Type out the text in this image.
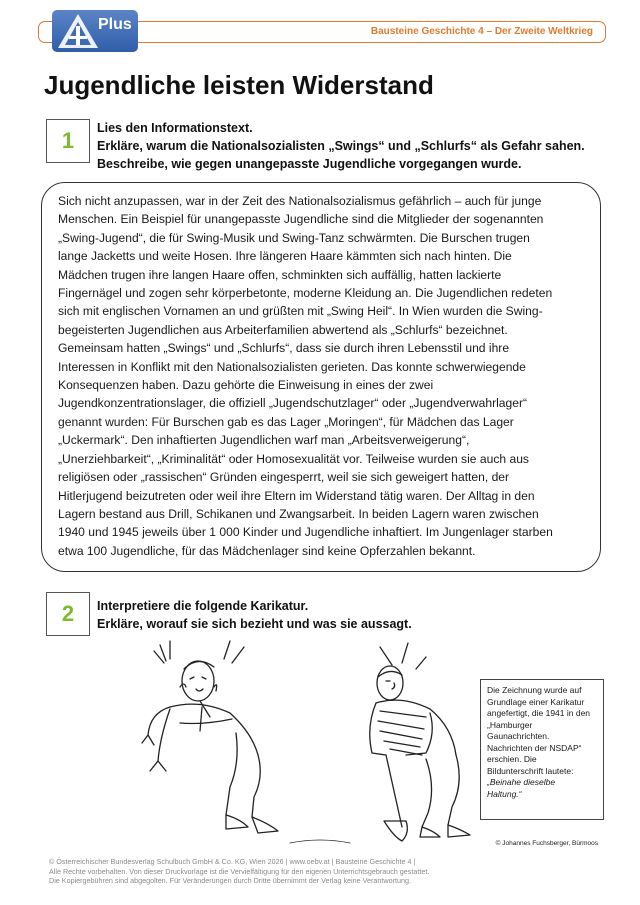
Bausteine Geschichte 4 – Der Zweite Weltkrieg
Plus
Jugendliche leisten Widerstand
1	Lies den Informationstext.
Erkläre, warum die Nationalsozialisten „Swings“ und „Schlurfs“ als Gefahr sahen.
Beschreibe, wie gegen unangepasste Jugendliche vorgegangen wurde.
Sich nicht anzupassen, war in der Zeit des Nationalsozialismus gefährlich – auch für junge
Menschen. Ein Beispiel für unangepasste Jugendliche sind die Mitglieder der sogenannten
„Swing-Jugend“, die für Swing-Musik und Swing-Tanz schwärmten. Die Burschen trugen
lange Jacketts und weite Hosen. Ihre längeren Haare kämmten sich nach hinten. Die
Mädchen trugen ihre langen Haare offen, schminkten sich auffällig, hatten lackierte
Fingernägel und zogen sehr körperbetonte, moderne Kleidung an. Die Jugendlichen redeten
sich mit englischen Vornamen an und grüßten mit „Swing Heil“. In Wien wurden die Swing-
begeisterten Jugendlichen aus Arbeiterfamilien abwertend als „Schlurfs“ bezeichnet.
Gemeinsam hatten „Swings“ und „Schlurfs“, dass sie durch ihren Lebensstil und ihre
Interessen in Konflikt mit den Nationalsozialisten gerieten. Das konnte schwerwiegende
Konsequenzen haben. Dazu gehörte die Einweisung in eines der zwei
Jugendkonzentrationslager, die offiziell „Jugendschutzlager“ oder „Jugendverwahrlager“
genannt wurden: Für Burschen gab es das Lager „Moringen“, für Mädchen das Lager
„Uckermark“. Den inhaftierten Jugendlichen warf man „Arbeitsverweigerung“,
„Unerziehbarkeit“, „Kriminalität“ oder Homosexualität vor. Teilweise wurden sie auch aus
religiösen oder „rassischen“ Gründen eingesperrt, weil sie sich geweigert hatten, der
Hitlerjugend beizutreten oder weil ihre Eltern im Widerstand tätig waren. Der Alltag in den
Lagern bestand aus Drill, Schikanen und Zwangsarbeit. In beiden Lagern waren zwischen
1940 und 1945 jeweils über 1 000 Kinder und Jugendliche inhaftiert. Im Jungenlager starben
etwa 100 Jugendliche, für das Mädchenlager sind keine Opferzahlen bekannt.
2	Interpretiere die folgende Karikatur.
Erkläre, worauf sie sich bezieht und was sie aussagt.
Die Zeichnung wurde auf
Grundlage einer Karikatur
angefertigt, die 1941 in den
„Hamburger
Gaunachrichten.
Nachrichten der NSDAP“
erschien. Die
Bildunterschrift lautete:
„Beinahe dieselbe
Haltung.“
© Johannes Fuchsberger, Bürmoos
© Österreichischer Bundesverlag Schulbuch GmbH & Co. KG, Wien 2026 | www.oebv.at | Bausteine Geschichte 4 |
Alle Rechte vorbehalten. Von dieser Druckvorlage ist die Vervielfältigung für den eigenen Unterrichtsgebrauch gestattet.
Die Kopiergebühren sind abgegolten. Für Veränderungen durch Dritte übernimmt der Verlag keine Verantwortung.
